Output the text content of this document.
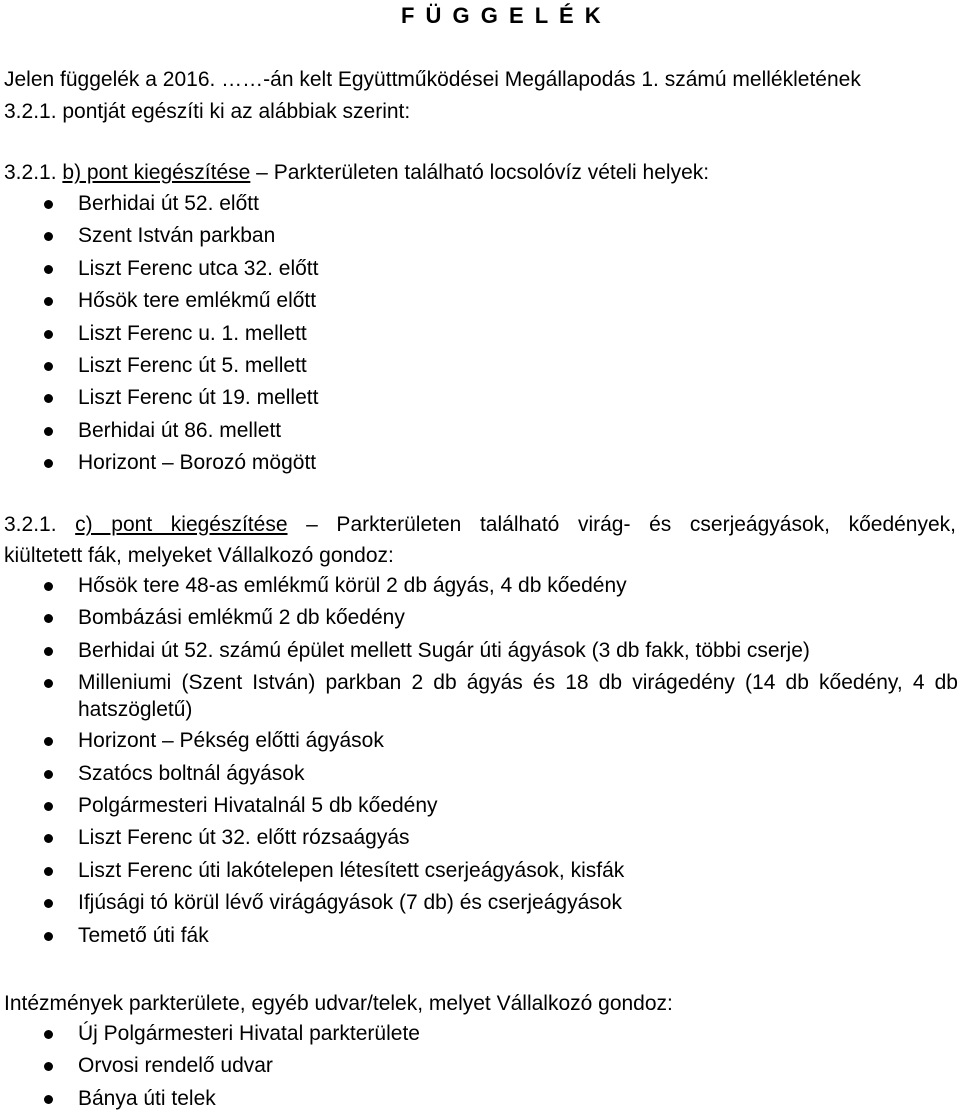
F Ü G G E L É K
Jelen függelék a 2016. ……-án kelt Együttműködései Megállapodás 1. számú mellékletének
3.2.1. pontját egészíti ki az alábbiak szerint:
3.2.1. b) pont kiegészítése – Parkterületen található locsolóvíz vételi helyek:
Berhidai út 52. előtt
Szent István parkban
Liszt Ferenc utca 32. előtt
Hősök tere emlékmű előtt
Liszt Ferenc u. 1. mellett
Liszt Ferenc út 5. mellett
Liszt Ferenc út 19. mellett
Berhidai út 86. mellett
Horizont – Borozó mögött
3.2.1. c) pont kiegészítése – Parkterületen található virág- és cserjeágyások, kőedények,
kiültetett fák, melyeket Vállalkozó gondoz:
Hősök tere 48-as emlékmű körül 2 db ágyás, 4 db kőedény
Bombázási emlékmű 2 db kőedény
Berhidai út 52. számú épület mellett Sugár úti ágyások (3 db fakk, többi cserje)
Milleniumi (Szent István) parkban 2 db ágyás és 18 db virágedény (14 db kőedény, 4 db hatszögletű)
Horizont – Pékség előtti ágyások
Szatócs boltnál ágyások
Polgármesteri Hivatalnál 5 db kőedény
Liszt Ferenc út 32. előtt rózsaágyás
Liszt Ferenc úti lakótelepen létesített cserjeágyások, kisfák
Ifjúsági tó körül lévő virágágyások (7 db) és cserjeágyások
Temető úti fák
Intézmények parkterülete, egyéb udvar/telek, melyet Vállalkozó gondoz:
Új Polgármesteri Hivatal parkterülete
Orvosi rendelő udvar
Bánya úti telek
